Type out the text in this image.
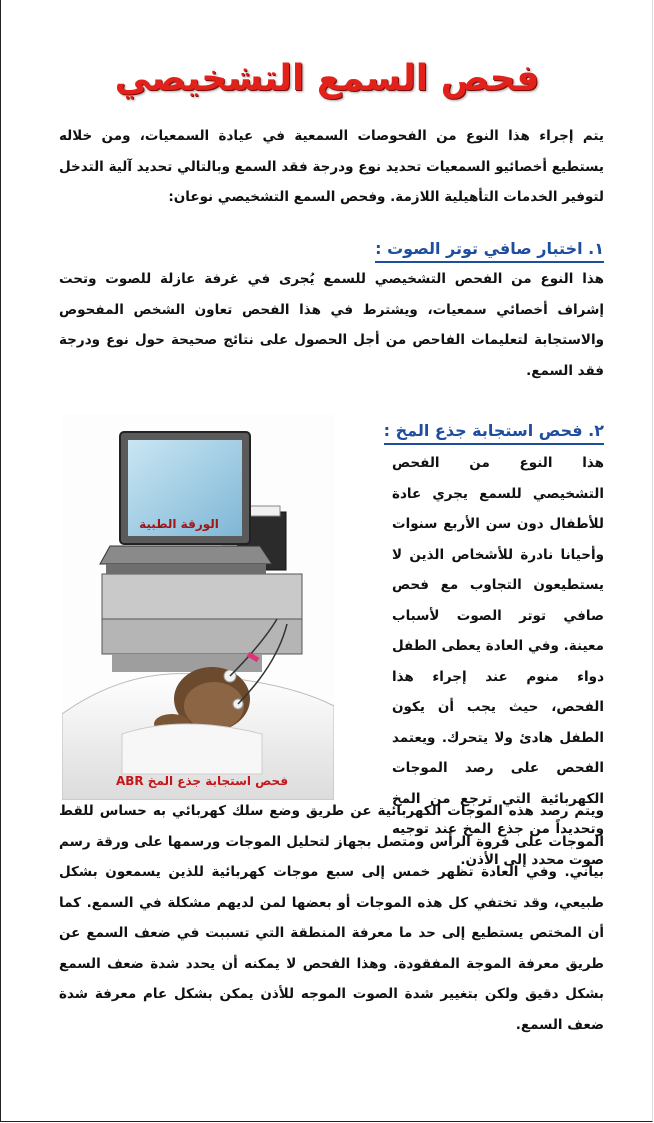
فحص السمع التشخيصي
يتم إجراء هذا النوع من الفحوصات السمعية في عيادة السمعيات، ومن خلاله يستطيع أخصائيو السمعيات تحديد نوع ودرجة فقد السمع وبالتالي تحديد آلية التدخل لتوفير الخدمات التأهيلية اللازمة. وفحص السمع التشخيصي نوعان:
١. اختبار صافي توتر الصوت :
هذا النوع من الفحص التشخيصي للسمع يُجرى في غرفة عازلة للصوت وتحت إشراف أخصائي سمعيات، ويشترط في هذا الفحص تعاون الشخص المفحوص والاستجابة لتعليمات الفاحص من أجل الحصول على نتائج صحيحة حول نوع ودرجة فقد السمع.
٢. فحص استجابة جذع المخ :
هذا النوع من الفحص التشخيصي للسمع يجري عادة للأطفال دون سن الأربع سنوات وأحيانا نادرة للأشخاص الذين لا يستطيعون التجاوب مع فحص صافي توتر الصوت لأسباب معينة. وفي العادة يعطى الطفل دواء منوم عند إجراء هذا الفحص، حيث يجب أن يكون الطفل هادئ ولا يتحرك. ويعتمد الفحص على رصد الموجات الكهربائية التي ترجع من المخ وتحديداً من جذع المخ عند توجيه صوت محدد إلى الأذن.
الورقة الطبية
فحص استجابة جذع المخ ABR
ويتم رصد هذه الموجات الكهربائية عن طريق وضع سلك كهربائي به حساس للقط الموجات على فروة الرأس ومتصل بجهاز لتحليل الموجات ورسمها على ورقة رسم بياني. وفي العادة تظهر خمس إلى سبع موجات كهربائية للذين يسمعون بشكل طبيعي، وقد تختفي كل هذه الموجات أو بعضها لمن لديهم مشكلة في السمع. كما أن المختص يستطيع إلى حد ما معرفة المنطقة التي تسببت في ضعف السمع عن طريق معرفة الموجة المفقودة. وهذا الفحص لا يمكنه أن يحدد شدة ضعف السمع بشكل دقيق ولكن بتغيير شدة الصوت الموجه للأذن يمكن بشكل عام معرفة شدة ضعف السمع.
